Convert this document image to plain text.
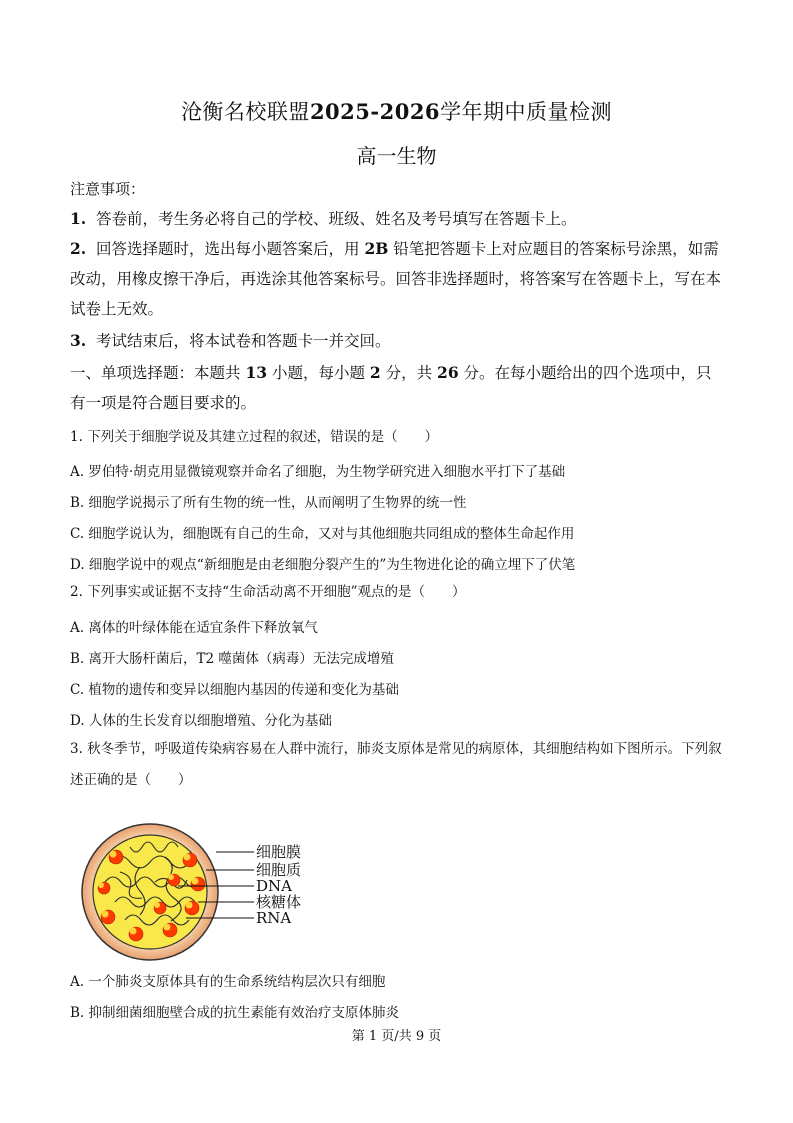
沧衡名校联盟2025-2026学年期中质量检测
高一生物
注意事项：
1. 答卷前，考生务必将自己的学校、班级、姓名及考号填写在答题卡上。
2. 回答选择题时，选出每小题答案后，用 2B 铅笔把答题卡上对应题目的答案标号涂黑，如需改动，用橡皮擦干净后，再选涂其他答案标号。回答非选择题时，将答案写在答题卡上，写在本试卷上无效。
3. 考试结束后，将本试卷和答题卡一并交回。
一、单项选择题：本题共 13 小题，每小题 2 分，共 26 分。在每小题给出的四个选项中，只有一项是符合题目要求的。
1. 下列关于细胞学说及其建立过程的叙述，错误的是（　　）
A. 罗伯特·胡克用显微镜观察并命名了细胞，为生物学研究进入细胞水平打下了基础
B. 细胞学说揭示了所有生物的统一性，从而阐明了生物界的统一性
C. 细胞学说认为，细胞既有自己的生命，又对与其他细胞共同组成的整体生命起作用
D. 细胞学说中的观点“新细胞是由老细胞分裂产生的”为生物进化论的确立埋下了伏笔
2. 下列事实或证据不支持“生命活动离不开细胞”观点的是（　　）
A. 离体的叶绿体能在适宜条件下释放氧气
B. 离开大肠杆菌后，T2 噬菌体（病毒）无法完成增殖
C. 植物的遗传和变异以细胞内基因的传递和变化为基础
D. 人体的生长发育以细胞增殖、分化为基础
3. 秋冬季节，呼吸道传染病容易在人群中流行，肺炎支原体是常见的病原体，其细胞结构如下图所示。下列叙述正确的是（　　）
细胞膜
细胞质
DNA
核糖体
RNA
A. 一个肺炎支原体具有的生命系统结构层次只有细胞
B. 抑制细菌细胞壁合成的抗生素能有效治疗支原体肺炎
第 1 页/共 9 页
